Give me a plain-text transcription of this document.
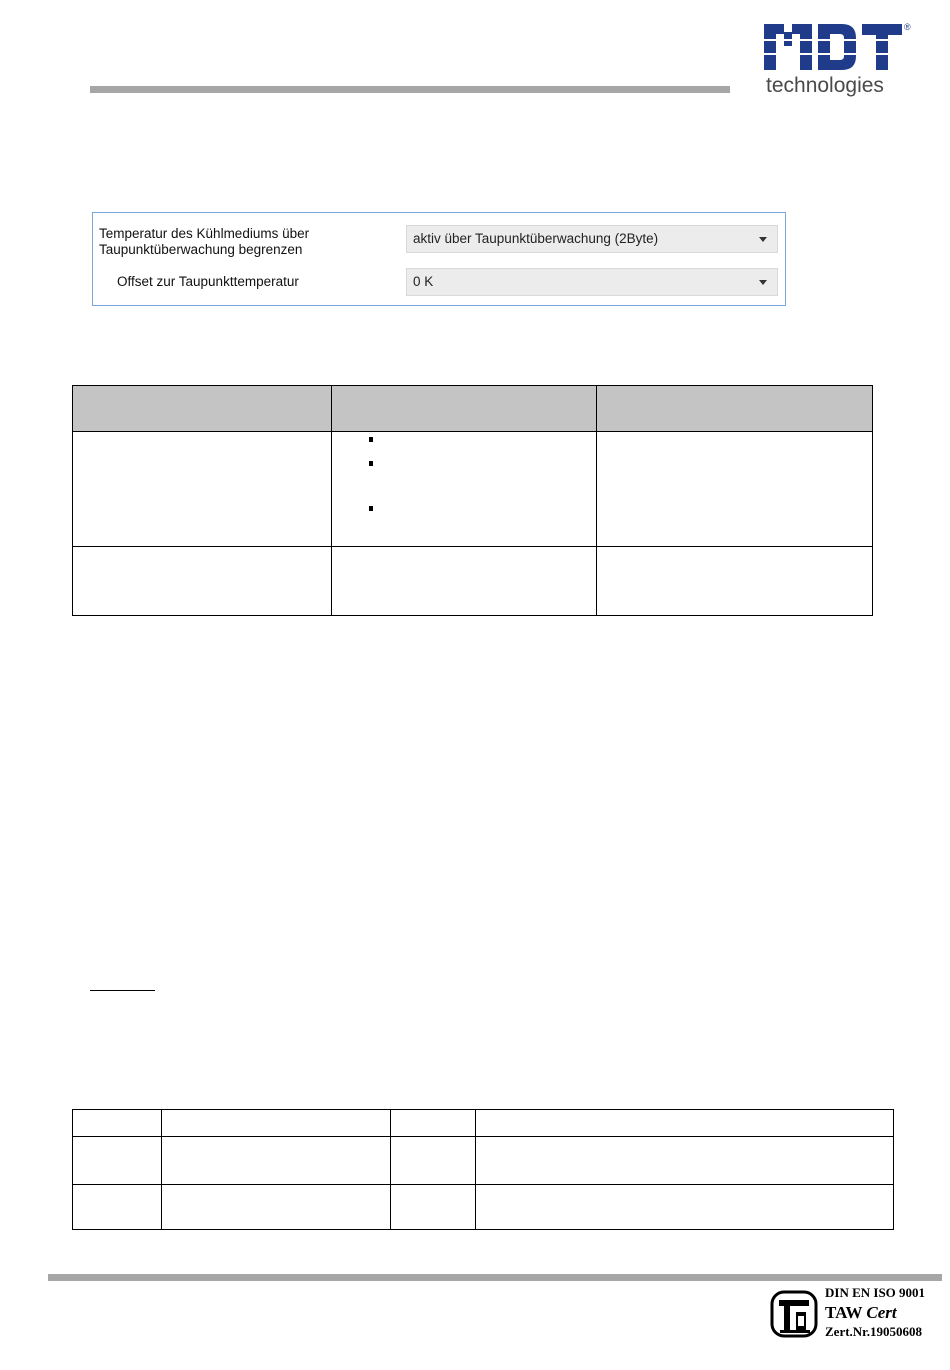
®
technologies
Temperatur des Kühlmediums über
Taupunktüberwachung begrenzen
aktiv über Taupunktüberwachung (2Byte)
Offset zur Taupunkttemperatur	0 K
DIN EN ISO 9001
TAW Cert
Zert.Nr.19050608
